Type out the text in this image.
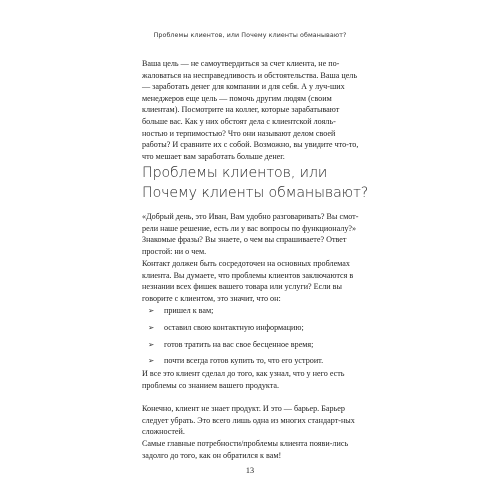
Проблемы клиентов, или Почему клиенты обманывают?
Ваша цель — не самоутвердиться за счет клиента, не по-жаловаться на несправедливость и обстоятельства. Ваша цель — заработать денег для компании и для себя. А у луч-ших менеджеров еще цель — помочь другим людям (своим клиентам). Посмотрите на коллег, которые зарабатывают больше вас. Как у них обстоят дела с клиентской лояль-ностью и терпимостью? Что они называют делом своей работы? И сравните их с собой. Возможно, вы увидите что-то, что мешает вам заработать больше денег.
Проблемы клиентов, или Почему клиенты обманывают?
«Добрый день, это Иван, Вам удобно разговаривать? Вы смот-рели наше решение, есть ли у вас вопросы по функционалу?» Знакомые фразы? Вы знаете, о чем вы спрашиваете? Ответ простой: ни о чем.
Контакт должен быть сосредоточен на основных проблемах клиента. Вы думаете, что проблемы клиентов заключаются в незнании всех фишек вашего товара или услуги? Если вы говорите с клиентом, это значит, что он:
➢	пришел к вам;
➢	оставил свою контактную информацию;
➢	готов тратить на вас свое бесценное время;
➢	почти всегда готов купить то, что его устроит.
И все это клиент сделал до того, как узнал, что у него есть проблемы со знанием вашего продукта.
Конечно, клиент не знает продукт. И это — барьер. Барьер следует убрать. Это всего лишь одна из многих стандарт-ных сложностей.
Самые главные потребности/проблемы клиента появи-лись задолго до того, как он обратился к вам!
13
